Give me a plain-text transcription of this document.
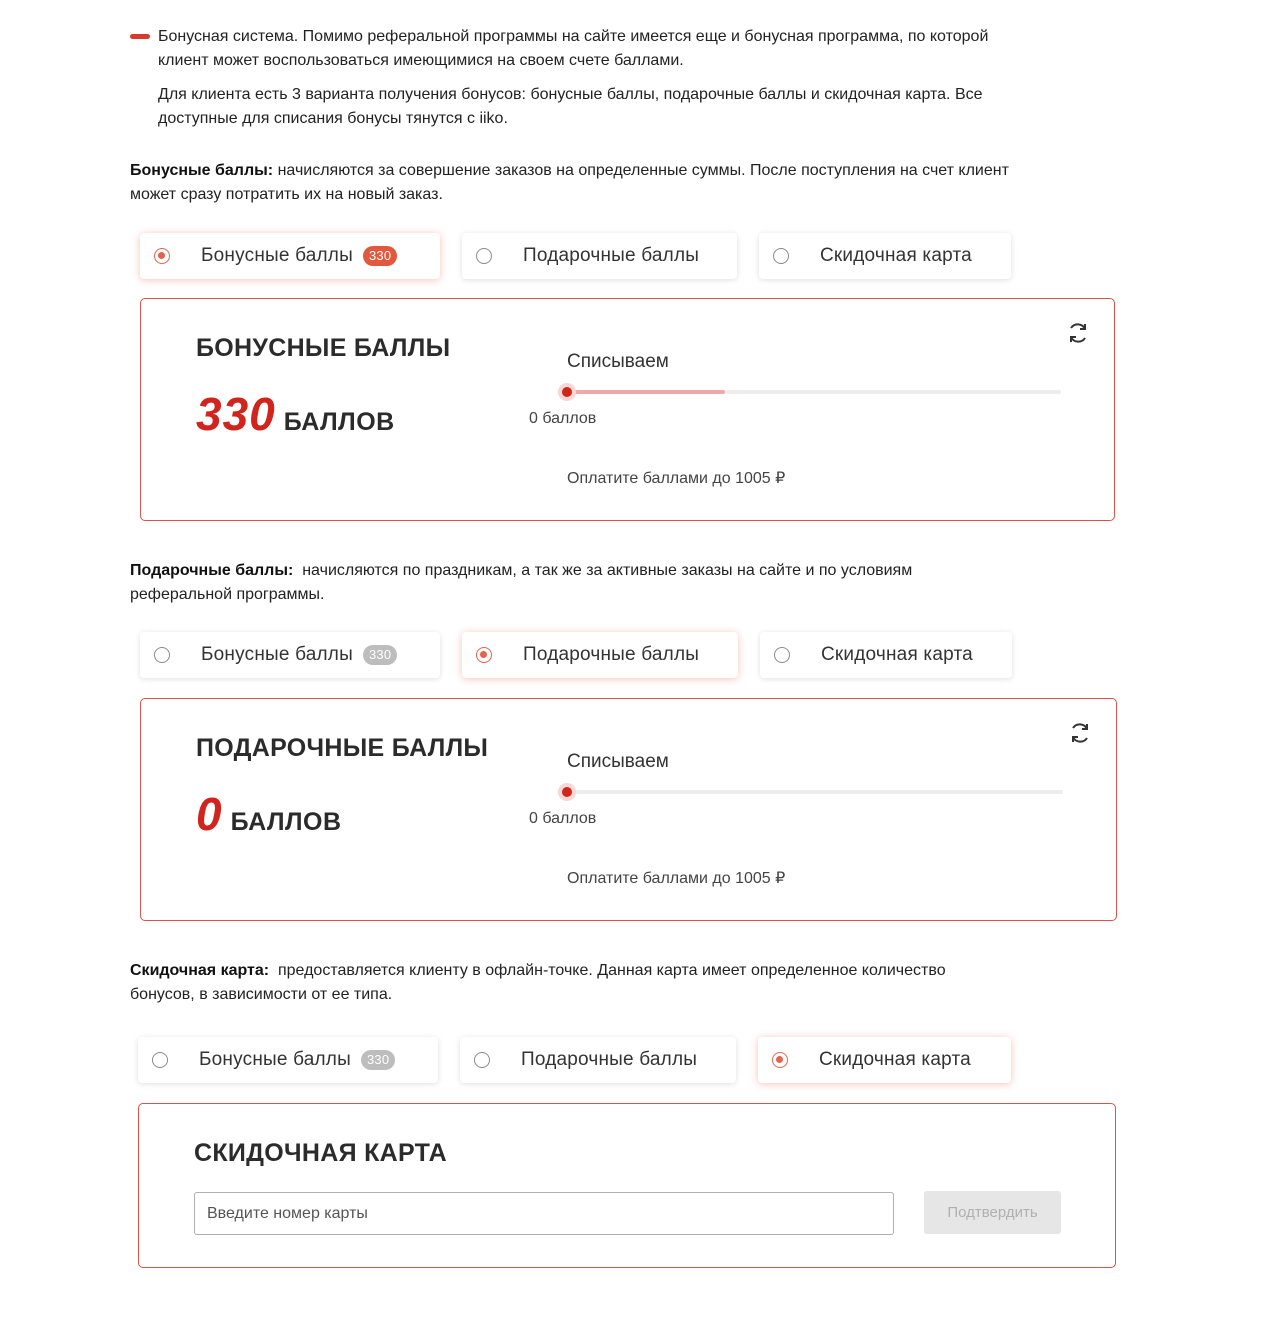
Бонусная система. Помимо реферальной программы на сайте имеется еще и бонусная программа, по которой

клиент может воспользоваться имеющимися на своем счете баллами.

Для клиента есть 3 варианта получения бонусов: бонусные баллы, подарочные баллы и скидочная карта. Все

доступные для списания бонусы тянутся с iiko.

Бонусные баллы: начисляются за совершение заказов на определенные суммы. После поступления на счет клиент

может сразу потратить их на новый заказ.

Бонусные баллы	330	Подарочные баллы	Скидочная карта
БОНУСНЫЕ БАЛЛЫ
330 БАЛЛОВ
Списываем
0 баллов
Оплатите баллами до 1005 ₽

Подарочные баллы: начисляются по праздникам, а так же за активные заказы на сайте и по условиям

реферальной программы.

Бонусные баллы	330	Подарочные баллы	Скидочная карта
ПОДАРОЧНЫЕ БАЛЛЫ
0 БАЛЛОВ
Списываем
0 баллов
Оплатите баллами до 1005 ₽

Скидочная карта: предоставляется клиенту в офлайн-точке. Данная карта имеет определенное количество

бонусов, в зависимости от ее типа.

Бонусные баллы	330	Подарочные баллы	Скидочная карта
СКИДОЧНАЯ КАРТА
Введите номер карты	Подтвердить
